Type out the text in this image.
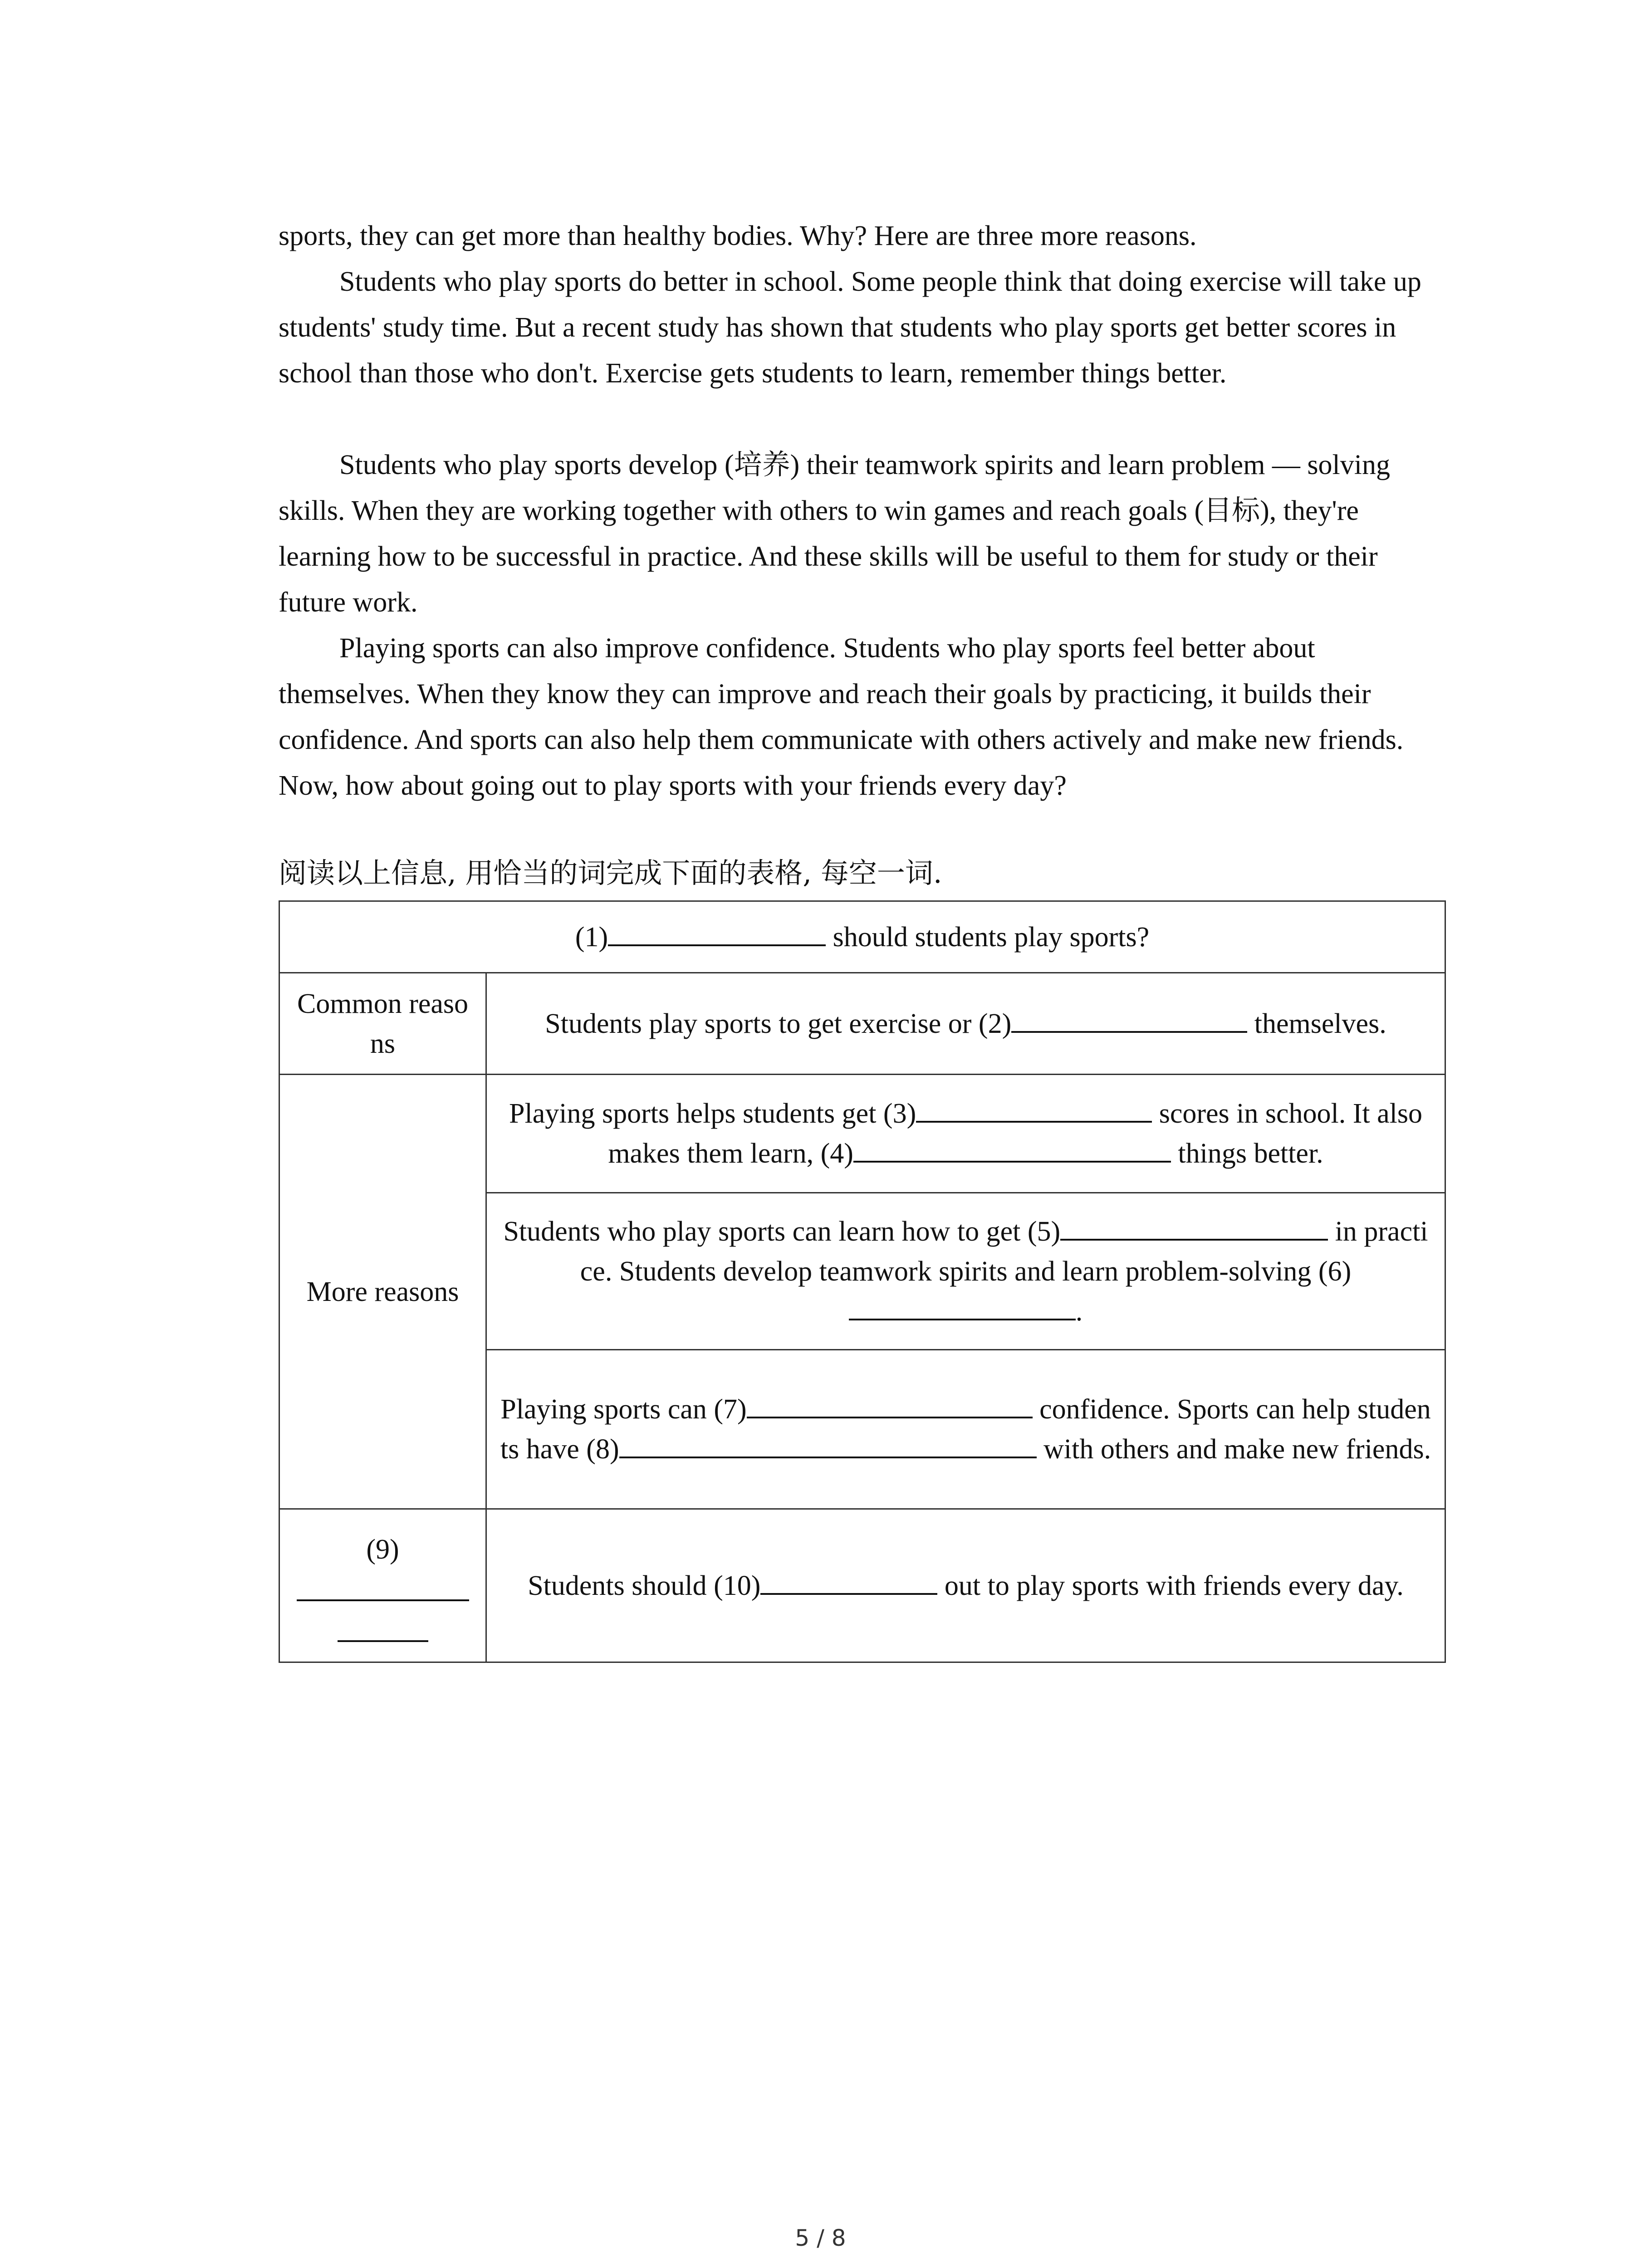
sports, they can get more than healthy bodies. Why? Here are three more reasons.

Students who play sports do better in school. Some people think that doing exercise will take up students' study time. But a recent study has shown that students who play sports get better scores in school than those who don't. Exercise gets students to learn, remember things better.

Students who play sports develop (培养) their teamwork spirits and learn problem — solving skills. When they are working together with others to win games and reach goals (目标), they're learning how to be successful in practice. And these skills will be useful to them for study or their future work.

Playing sports can also improve confidence. Students who play sports feel better about themselves. When they know they can improve and reach their goals by practicing, it builds their confidence. And sports can also help them communicate with others actively and make new friends. Now, how about going out to play sports with your friends every day?

阅读以上信息, 用恰当的词完成下面的表格, 每空一词.
(1) should students play sports?	
Common reasons	Students play sports to get exercise or (2) themselves.
More reasons	Playing sports helps students get (3) scores in school. It also makes them learn, (4) things better.
	Students who play sports can learn how to get (5) in practice. Students develop teamwork spirits and learn problem-solving (6).
	Playing sports can (7) confidence. Sports can help students have (8) with others and make new friends.
(9)	Students should (10) out to play sports with friends every day.
5 / 8
